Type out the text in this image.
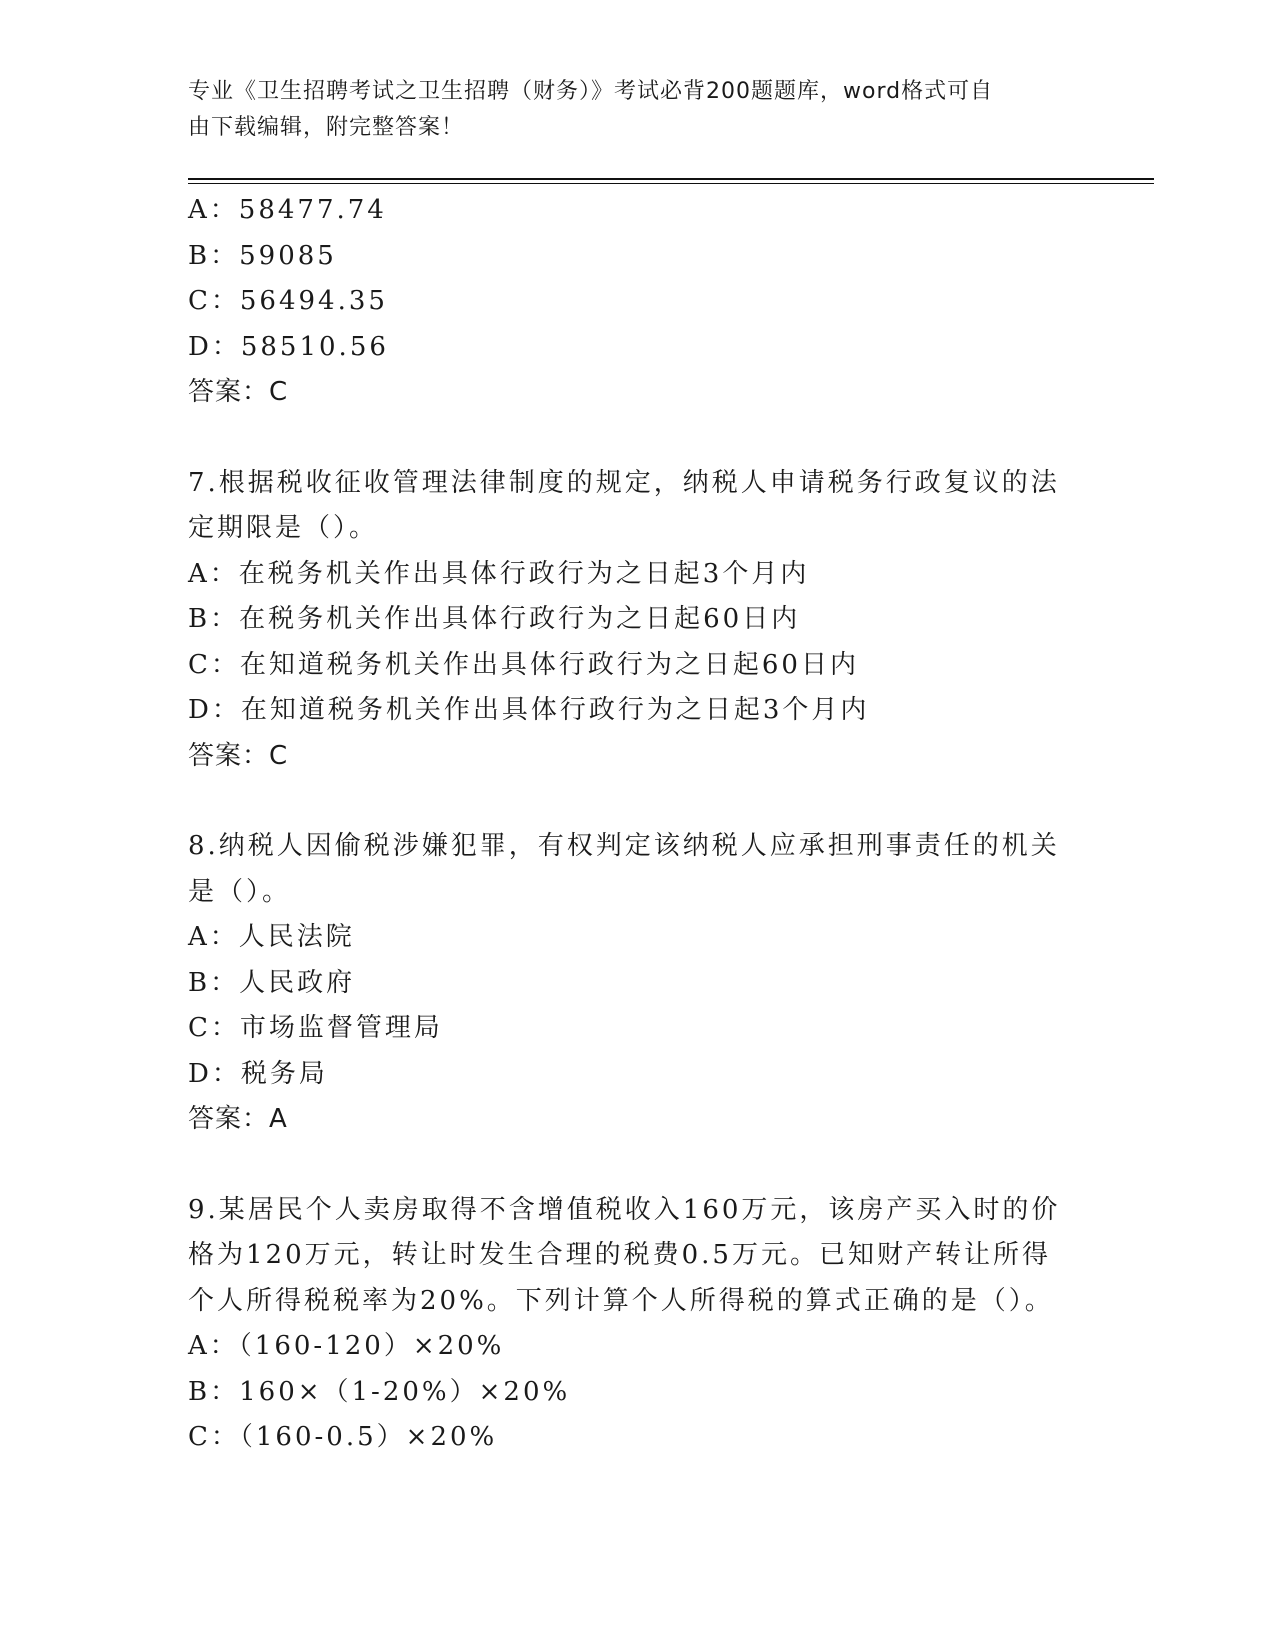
专业《卫生招聘考试之卫生招聘（财务）》考试必背200题题库，word格式可自
由下载编辑，附完整答案！
A：58477.74
B：59085
C：56494.35
D：58510.56
答案：C
7.根据税收征收管理法律制度的规定，纳税人申请税务行政复议的法
定期限是（）。
A：在税务机关作出具体行政行为之日起3个月内
B：在税务机关作出具体行政行为之日起60日内
C：在知道税务机关作出具体行政行为之日起60日内
D：在知道税务机关作出具体行政行为之日起3个月内
答案：C
8.纳税人因偷税涉嫌犯罪，有权判定该纳税人应承担刑事责任的机关
是（）。
A：人民法院
B：人民政府
C：市场监督管理局
D：税务局
答案：A
9.某居民个人卖房取得不含增值税收入160万元，该房产买入时的价
格为120万元，转让时发生合理的税费0.5万元。已知财产转让所得
个人所得税税率为20%。下列计算个人所得税的算式正确的是（）。
A：（160-120）×20%
B：160×（1-20%）×20%
C：（160-0.5）×20%
